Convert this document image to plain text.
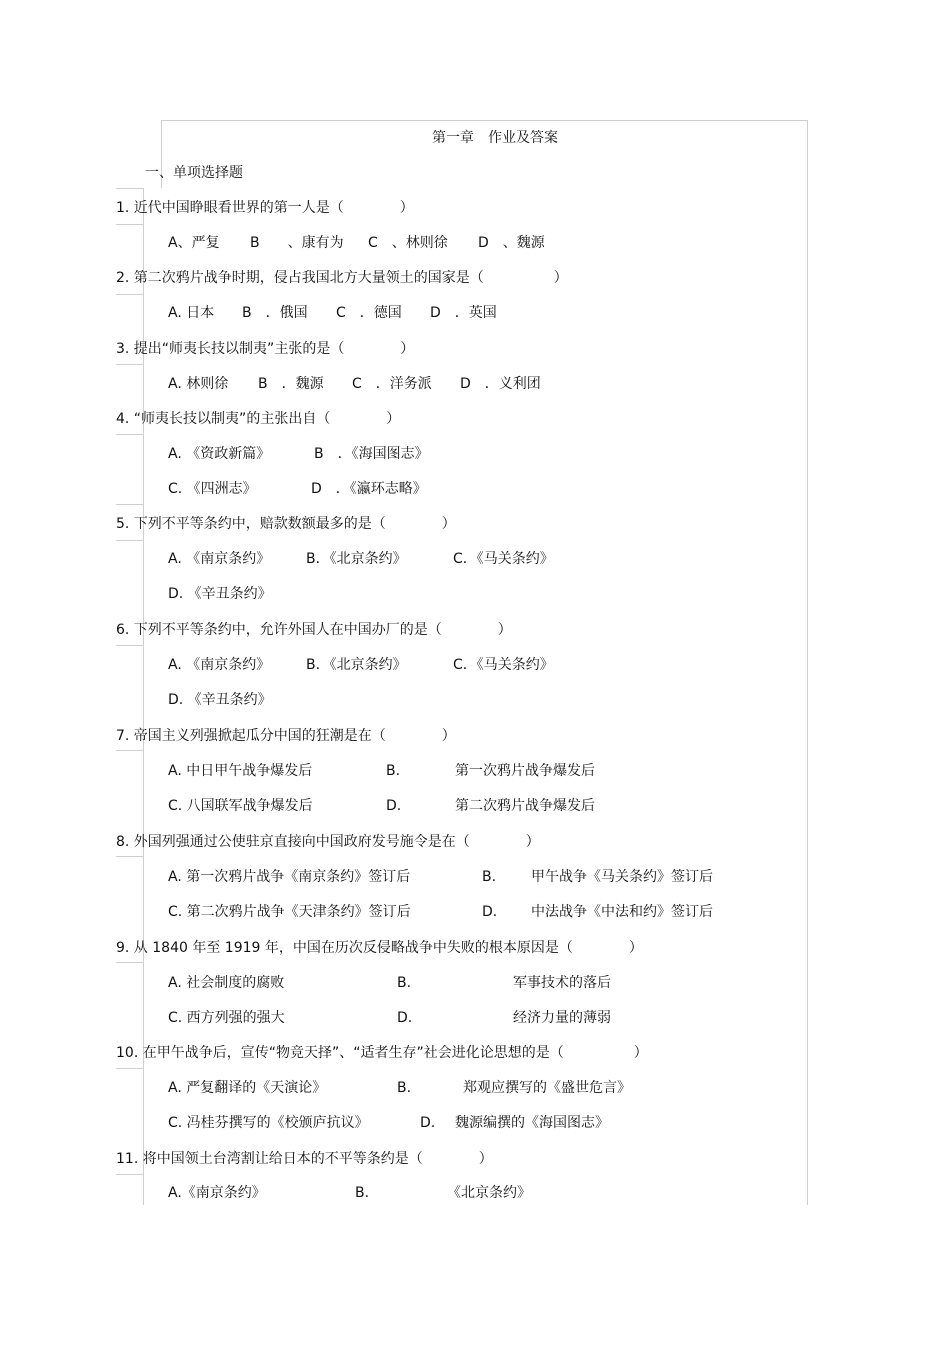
第一章　作业及答案
一、单项选择题
1. 近代中国睁眼看世界的第一人是（　　　　）
A、严复 B　　、康有为 C　、林则徐 D　、魏源
2. 第二次鸦片战争时期，侵占我国北方大量领土的国家是（　　　　　）
A. 日本 B　．俄国 C　．德国 D　．英国
3. 提出“师夷长技以制夷”主张的是（　　　　）
A. 林则徐 B　．魏源 C　．洋务派 D　．义利团
4. “师夷长技以制夷”的主张出自（　　　　）
A. 《资政新篇》	B　．《海国图志》
C. 《四洲志》	D　．《瀛环志略》
5. 下列不平等条约中，赔款数额最多的是（　　　　）
A. 《南京条约》	B．《北京条约》	C．《马关条约》
D. 《辛丑条约》
6. 下列不平等条约中，允许外国人在中国办厂的是（　　　　）
A. 《南京条约》	B．《北京条约》	C．《马关条约》
D. 《辛丑条约》
7. 帝国主义列强掀起瓜分中国的狂潮是在（　　　　）
A. 中日甲午战争爆发后	B.	第一次鸦片战争爆发后
C. 八国联军战争爆发后	D.	第二次鸦片战争爆发后
8. 外国列强通过公使驻京直接向中国政府发号施令是在（　　　　）
A. 第一次鸦片战争《南京条约》签订后	B. 甲午战争《马关条约》签订后
C. 第二次鸦片战争《天津条约》签订后	D. 中法战争《中法和约》签订后
9. 从 1840 年至 1919 年，中国在历次反侵略战争中失败的根本原因是（　　　　）
A. 社会制度的腐败	B.	军事技术的落后
C. 西方列强的强大	D.	经济力量的薄弱
10. 在甲午战争后，宣传“物竞天择”、“适者生存”社会进化论思想的是（　　　　　）
A. 严复翻译的《天演论》	B.	郑观应撰写的《盛世危言》
C. 冯桂芬撰写的《校颁庐抗议》	D. 魏源编撰的《海国图志》
11. 将中国领土台湾割让给日本的不平等条约是（　　　　）
A.《南京条约》	B.	《北京条约》
